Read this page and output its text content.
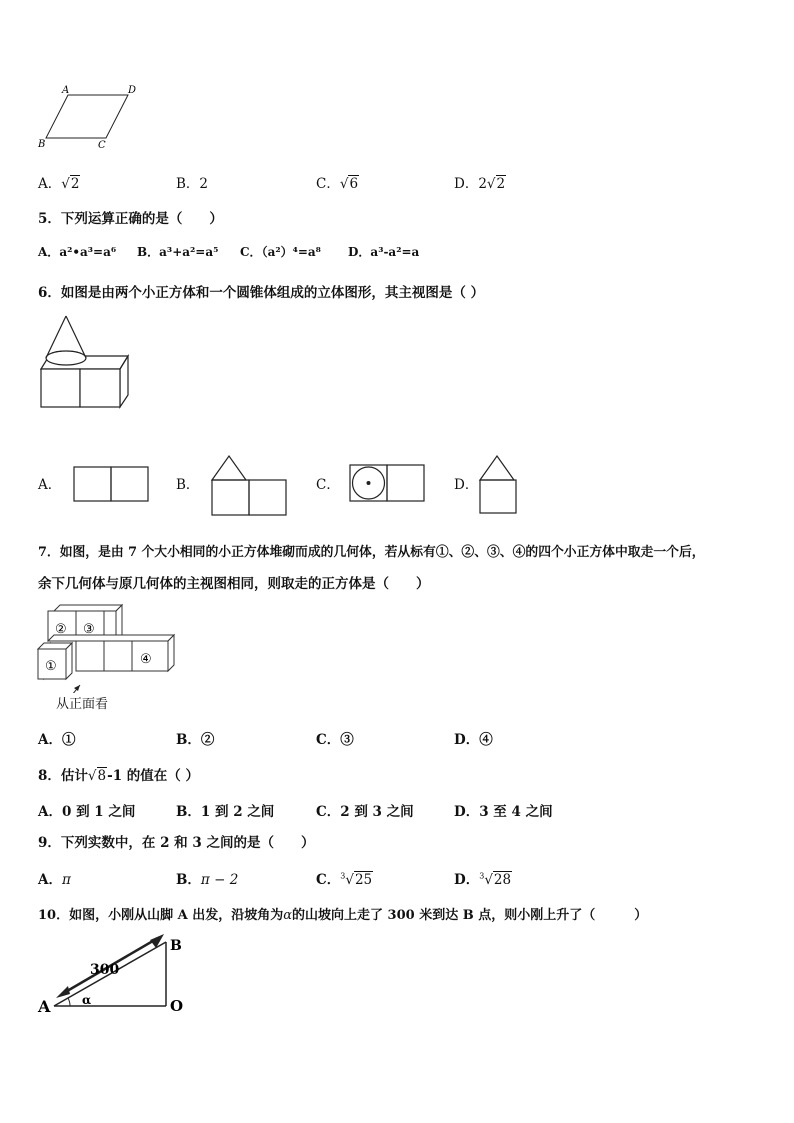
A	D
B	C
A．√2	B．2	C．√6	D．2√2
5．下列运算正确的是（　　）
A．a²•a³=a⁶ B．a³+a²=a⁵ C．（a²）⁴=a⁸ D．a³-a²=a
6．如图是由两个小正方体和一个圆锥体组成的立体图形，其主视图是（ ）
A．	B．	C．	D．
7．如图，是由 7 个大小相同的小正方体堆砌而成的几何体，若从标有①、②、③、④的四个小正方体中取走一个后，
余下几何体与原几何体的主视图相同，则取走的正方体是（　　）
② ③
①	④
从正面看
A．①	B．②	C．③	D．④
8．估计√8-1 的值在（ ）
A．0 到 1 之间	B．1 到 2 之间	C．2 到 3 之间	D．3 至 4 之间
9．下列实数中，在 2 和 3 之间的是（　　）
A．π	B．π − 2	C．$^3$√25	D．$^3$√28
10．如图，小刚从山脚 A 出发，沿坡角为α的山坡向上走了 300 米到达 B 点，则小刚上升了（　　　）
A
B
O
300
α
